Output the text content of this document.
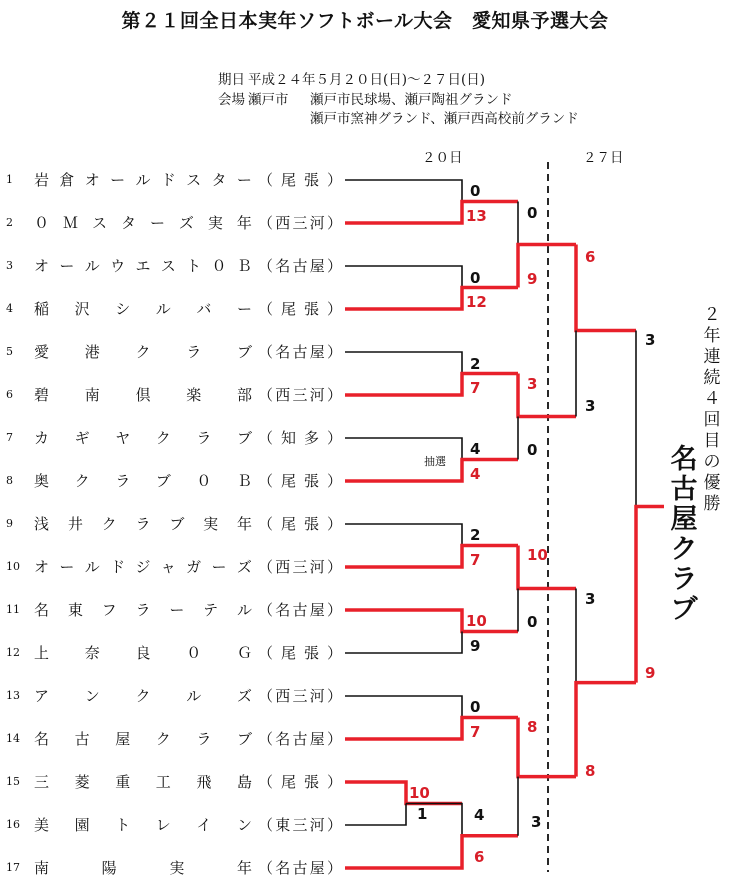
第２１回全日本実年ソフトボール大会　愛知県予選大会
期日 平成２４年５月２０日(日)～２７日(日)
会場 瀬戸市 瀬戸市民球場、瀬戸陶祖グランド
瀬戸市窯神グランド、瀬戸西高校前グランド
２０日	２７日
1	岩 倉 オ ー ル ド ス タ ー （ 尾 張 ）
2	０ Ｍ ス タ ー ズ 実 年 （ 西 三 河 ）
3	オ ー ル ウ エ ス ト ０ Ｂ （ 名 古 屋 ）
4	稲 沢 シ ル バ ー （ 尾 張 ）
5	愛 港 ク ラ ブ （ 名 古 屋 ）
6	碧 南 倶 楽 部 （ 西 三 河 ）
7	カ ギ ヤ ク ラ ブ （ 知 多 ）
8	奥 ク ラ ブ ０ Ｂ （ 尾 張 ）
9	浅 井 ク ラ ブ 実 年 （ 尾 張 ）
10 オ ー ル ド ジ ャ ガ ー ズ （ 西 三 河 ）
11 名 東 フ ラ ー テ ル （ 名 古 屋 ）
12 上 奈 良 ０ Ｇ （ 尾 張 ）
13 ア ン ク ル ズ （ 西 三 河 ）
14 名 古 屋 ク ラ ブ （ 名 古 屋 ）
15 三 菱 重 工 飛 島 （ 尾 張 ）
16 美 園 ト レ イ ン （ 東 三 河 ）
17 南	陽	実	年 （ 名 古 屋 ）
0
13
0
12
2
7
4
4
2
7
10
9
0
7
10
1	4
6
0
9
3
0
10
0
8
3
6
3
3
8
3
9
抽選
２年連続４回目の優勝
名古屋クラブ
